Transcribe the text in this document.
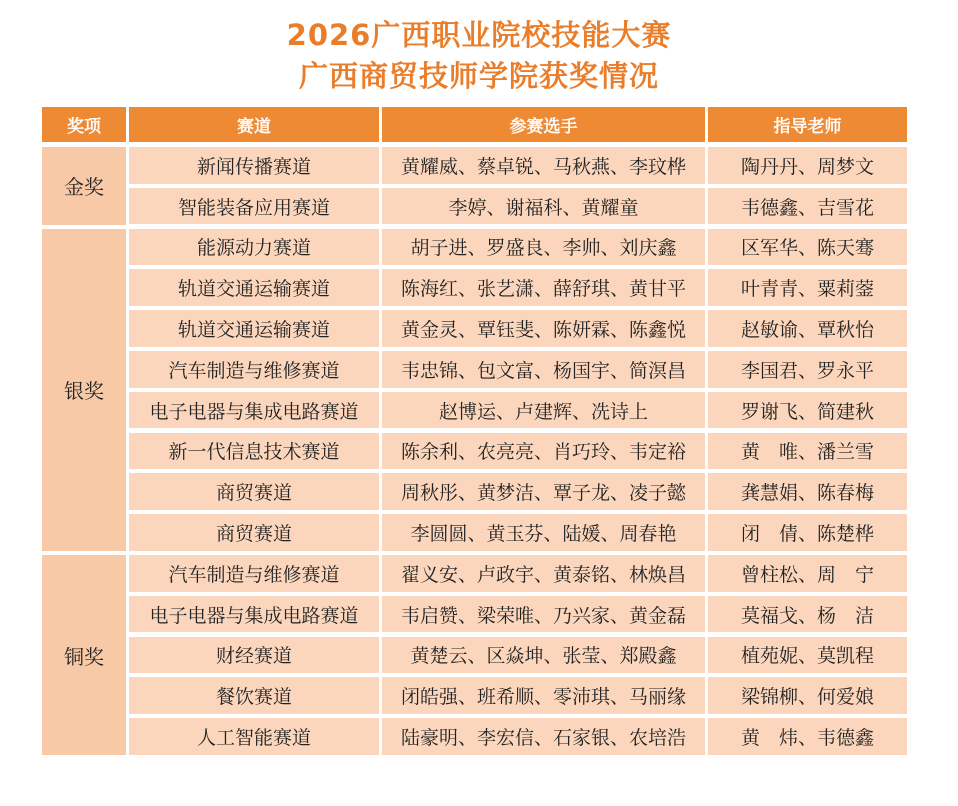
2026广西职业院校技能大赛
广西商贸技师学院获奖情况
奖项	赛道	参赛选手	指导老师
金奖
新闻传播赛道	黄耀威、蔡卓锐、马秋燕、李玟桦	陶丹丹、周梦文
智能装备应用赛道	李婷、谢福科、黄耀童	韦德鑫、吉雪花
银奖
能源动力赛道	胡子进、罗盛良、李帅、刘庆鑫	区军华、陈天骞
轨道交通运输赛道	陈海红、张艺潇、薛舒琪、黄甘平	叶青青、粟莉蓥
轨道交通运输赛道	黄金灵、覃钰斐、陈妍霖、陈鑫悦	赵敏谕、覃秋怡
汽车制造与维修赛道	韦忠锦、包文富、杨国宇、简溟昌	李国君、罗永平
电子电器与集成电路赛道	赵博运、卢建辉、冼诗上	罗谢飞、简建秋
新一代信息技术赛道	陈余利、农亮亮、肖巧玲、韦定裕	黄　唯、潘兰雪
商贸赛道	周秋彤、黄梦洁、覃子龙、凌子懿	龚慧娟、陈春梅
商贸赛道	李圆圆、黄玉芬、陆媛、周春艳	闭　倩、陈楚桦
铜奖
汽车制造与维修赛道	翟义安、卢政宇、黄泰铭、林焕昌	曾柱松、周　宁
电子电器与集成电路赛道	韦启赞、梁荣唯、乃兴家、黄金磊	莫福戈、杨　洁
财经赛道	黄楚云、区焱坤、张莹、郑殿鑫	植苑妮、莫凯程
餐饮赛道	闭皓强、班希顺、零沛琪、马丽缘	梁锦柳、何爱娘
人工智能赛道	陆豪明、李宏信、石家银、农培浩	黄　炜、韦德鑫
